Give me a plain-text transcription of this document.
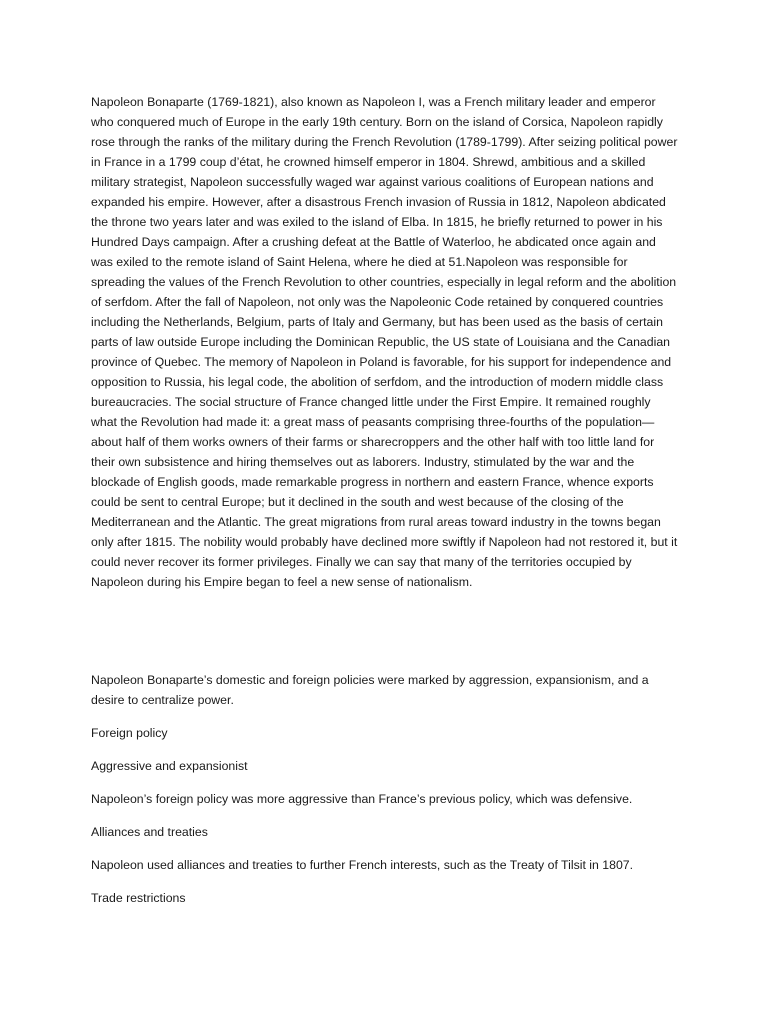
Napoleon Bonaparte (1769-1821), also known as Napoleon I, was a French military leader and emperor who conquered much of Europe in the early 19th century. Born on the island of Corsica, Napoleon rapidly rose through the ranks of the military during the French Revolution (1789-1799). After seizing political power in France in a 1799 coup d’état, he crowned himself emperor in 1804. Shrewd, ambitious and a skilled military strategist, Napoleon successfully waged war against various coalitions of European nations and expanded his empire. However, after a disastrous French invasion of Russia in 1812, Napoleon abdicated the throne two years later and was exiled to the island of Elba. In 1815, he briefly returned to power in his Hundred Days campaign. After a crushing defeat at the Battle of Waterloo, he abdicated once again and was exiled to the remote island of Saint Helena, where he died at 51.Napoleon was responsible for spreading the values of the French Revolution to other countries, especially in legal reform and the abolition of serfdom. After the fall of Napoleon, not only was the Napoleonic Code retained by conquered countries including the Netherlands, Belgium, parts of Italy and Germany, but has been used as the basis of certain parts of law outside Europe including the Dominican Republic, the US state of Louisiana and the Canadian province of Quebec. The memory of Napoleon in Poland is favorable, for his support for independence and opposition to Russia, his legal code, the abolition of serfdom, and the introduction of modern middle class bureaucracies. The social structure of France changed little under the First Empire. It remained roughly what the Revolution had made it: a great mass of peasants comprising three-fourths of the population—about half of them works owners of their farms or sharecroppers and the other half with too little land for their own subsistence and hiring themselves out as laborers. Industry, stimulated by the war and the blockade of English goods, made remarkable progress in northern and eastern France, whence exports could be sent to central Europe; but it declined in the south and west because of the closing of the Mediterranean and the Atlantic. The great migrations from rural areas toward industry in the towns began only after 1815. The nobility would probably have declined more swiftly if Napoleon had not restored it, but it could never recover its former privileges. Finally we can say that many of the territories occupied by Napoleon during his Empire began to feel a new sense of nationalism.

Napoleon Bonaparte’s domestic and foreign policies were marked by aggression, expansionism, and a desire to centralize power.

Foreign policy

Aggressive and expansionist

Napoleon’s foreign policy was more aggressive than France’s previous policy, which was defensive.

Alliances and treaties

Napoleon used alliances and treaties to further French interests, such as the Treaty of Tilsit in 1807.

Trade restrictions
